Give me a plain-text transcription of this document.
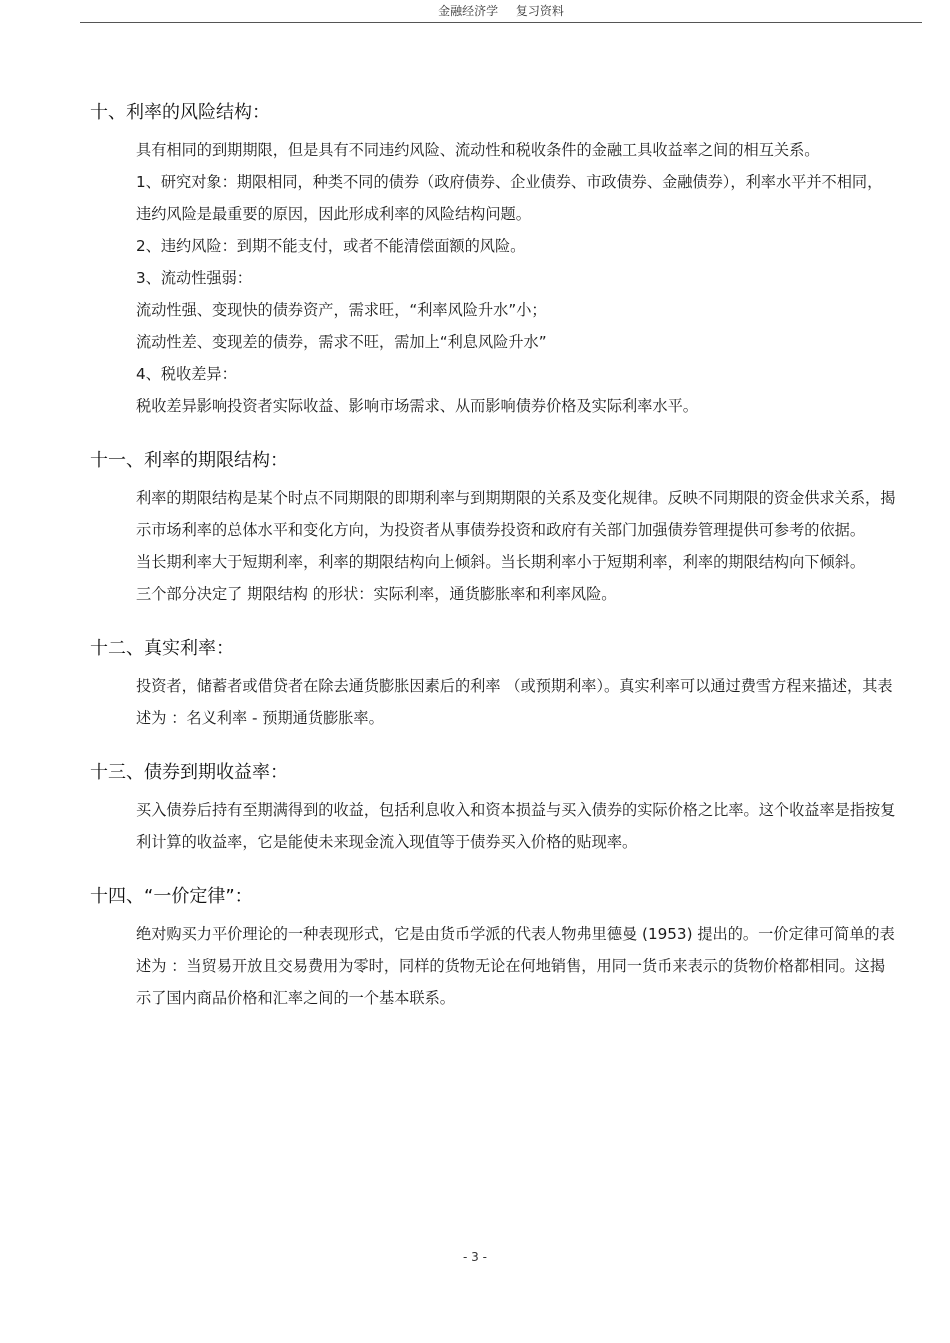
金融经济学 复习资料
十、利率的风险结构：

具有相同的到期期限，但是具有不同违约风险、流动性和税收条件的金融工具收益率之间的相互关系。

1、研究对象：期限相同，种类不同的债券（政府债券、企业债券、市政债券、金融债券），利率水平并不相同，违约风险是最重要的原因，因此形成利率的风险结构问题。

2、违约风险：到期不能支付，或者不能清偿面额的风险。

3、流动性强弱：

流动性强、变现快的债券资产，需求旺，“利率风险升水”小；

流动性差、变现差的债券，需求不旺，需加上“利息风险升水”

4、税收差异：

税收差异影响投资者实际收益、影响市场需求、从而影响债券价格及实际利率水平。

十一、利率的期限结构：

利率的期限结构是某个时点不同期限的即期利率与到期期限的关系及变化规律。反映不同期限的资金供求关系，揭示市场利率的总体水平和变化方向，为投资者从事债券投资和政府有关部门加强债券管理提供可参考的依据。

当长期利率大于短期利率，利率的期限结构向上倾斜。当长期利率小于短期利率，利率的期限结构向下倾斜。

三个部分决定了 期限结构 的形状：实际利率，通货膨胀率和利率风险。

十二、真实利率：

投资者，储蓄者或借贷者在除去通货膨胀因素后的利率 （或预期利率）。真实利率可以通过费雪方程来描述，其表述为 ：名义利率 - 预期通货膨胀率。

十三、债券到期收益率：

买入债券后持有至期满得到的收益，包括利息收入和资本损益与买入债券的实际价格之比率。这个收益率是指按复利计算的收益率，它是能使未来现金流入现值等于债券买入价格的贴现率。

十四、“一价定律”：

绝对购买力平价理论的一种表现形式，它是由货币学派的代表人物弗里德曼 (1953) 提出的。一价定律可简单的表述为 ：当贸易开放且交易费用为零时，同样的货物无论在何地销售，用同一货币来表示的货物价格都相同。这揭示了国内商品价格和汇率之间的一个基本联系。

- 3 -
